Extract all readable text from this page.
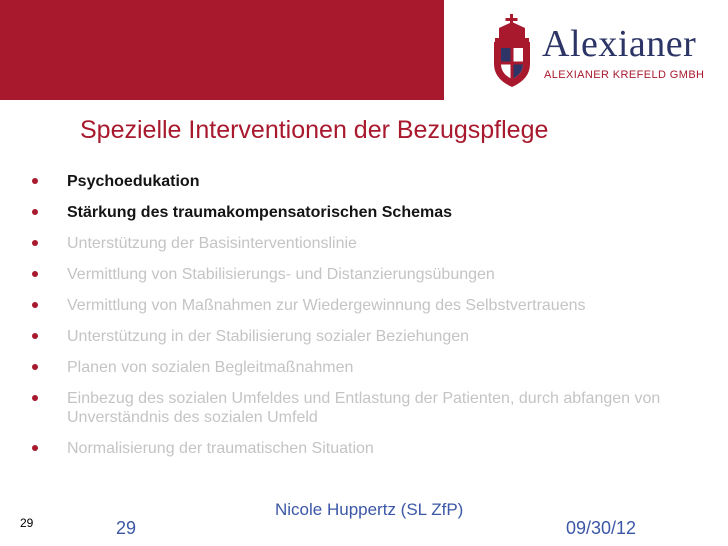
Alexianer
ALEXIANER KREFELD GMBH
Spezielle Interventionen der Bezugspflege
Psychoedukation
Stärkung des traumakompensatorischen Schemas
Unterstützung der Basisinterventionslinie
Vermittlung von Stabilisierungs- und Distanzierungsübungen
Vermittlung von Maßnahmen zur Wiedergewinnung des Selbstvertrauens
Unterstützung in der Stabilisierung sozialer Beziehungen
Planen von sozialen Begleitmaßnahmen
Einbezug des sozialen Umfeldes und Entlastung der Patienten, durch abfangen von Unverständnis des sozialen Umfeld
Normalisierung der traumatischen Situation
Nicole Huppertz (SL ZfP)
29	09/30/12
29
